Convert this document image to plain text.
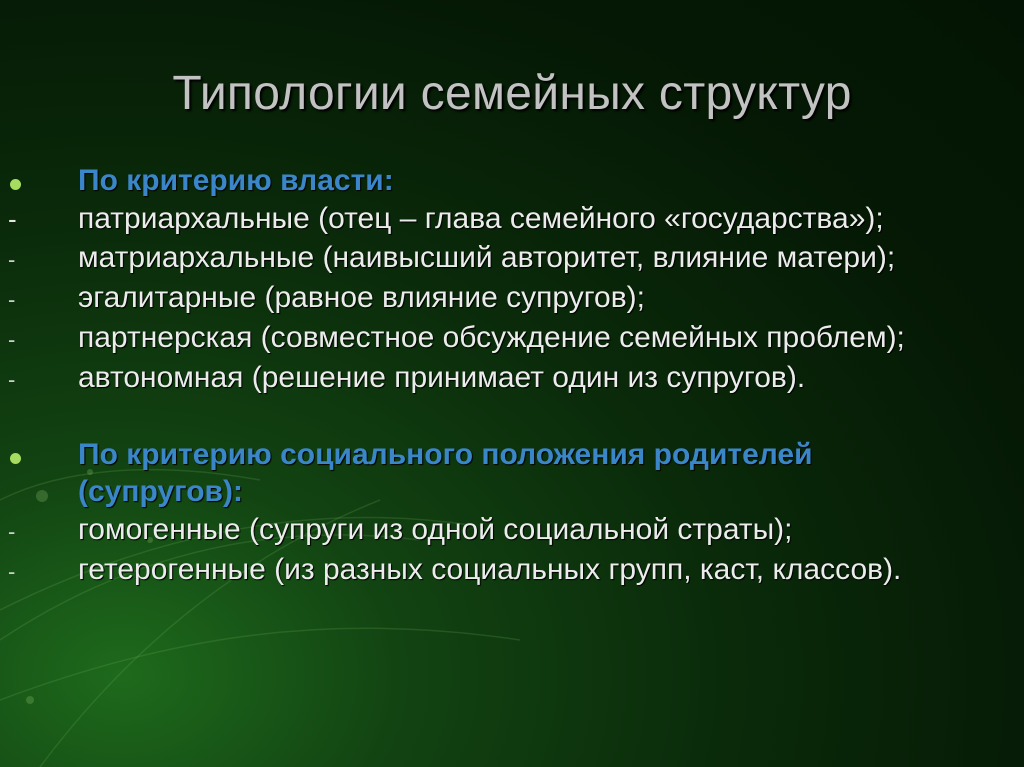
Типологии семейных структур
По критерию власти:
-	патриархальные (отец – глава семейного «государства»);
-	матриархальные (наивысший авторитет, влияние матери);
-	эгалитарные (равное влияние супругов);
-	партнерская (совместное обсуждение семейных проблем);
-	автономная (решение принимает один из супругов).
По критерию социального положения родителей (супругов):
-	гомогенные (супруги из одной социальной страты);
-	гетерогенные (из разных социальных групп, каст, классов).
